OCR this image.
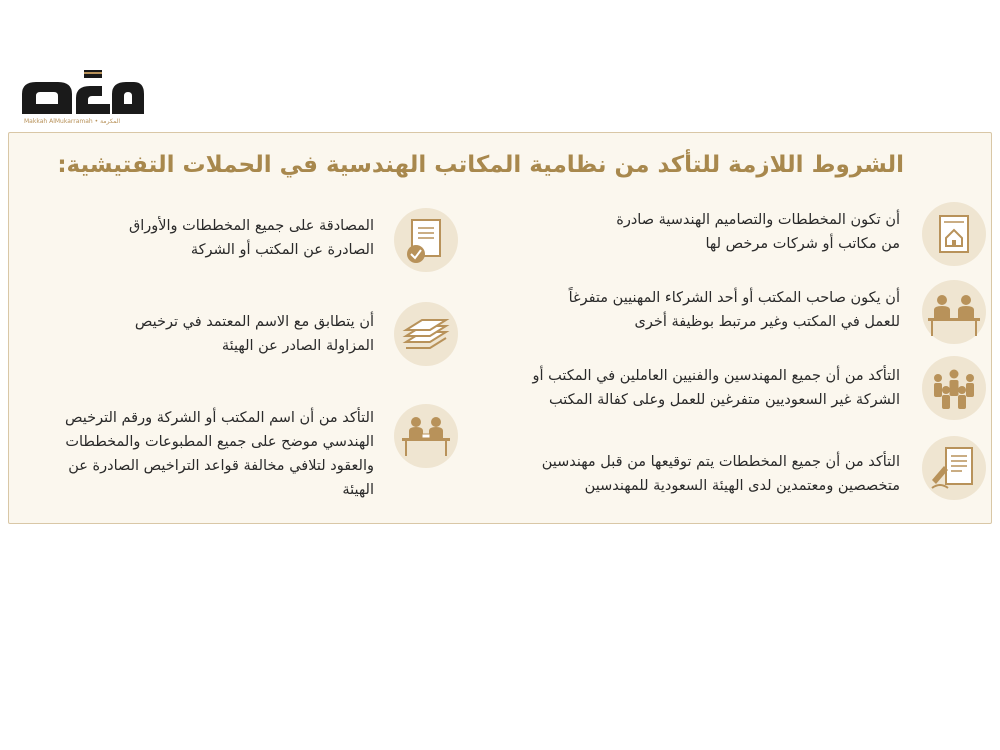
Makkah AlMukarramah • المكرمة
الشروط اللازمة للتأكد من نظامية المكاتب الهندسية في الحملات التفتيشية:
أن تكون المخططات والتصاميم الهندسية صادرة
من مكاتب أو شركات مرخص لها
أن يكون صاحب المكتب أو أحد الشركاء المهنيين متفرغاً
للعمل في المكتب وغير مرتبط بوظيفة أخرى
التأكد من أن جميع المهندسين والفنيين العاملين في المكتب أو
الشركة غير السعوديين متفرغين للعمل وعلى كفالة المكتب
التأكد من أن جميع المخططات يتم توقيعها من قبل مهندسين
متخصصين ومعتمدين لدى الهيئة السعودية للمهندسين
المصادقة على جميع المخططات والأوراق
الصادرة عن المكتب أو الشركة
أن يتطابق مع الاسم المعتمد في ترخيص
المزاولة الصادر عن الهيئة
التأكد من أن اسم المكتب أو الشركة ورقم الترخيص
الهندسي موضح على جميع المطبوعات والمخططات
والعقود لتلافي مخالفة قواعد التراخيص الصادرة عن
الهيئة
